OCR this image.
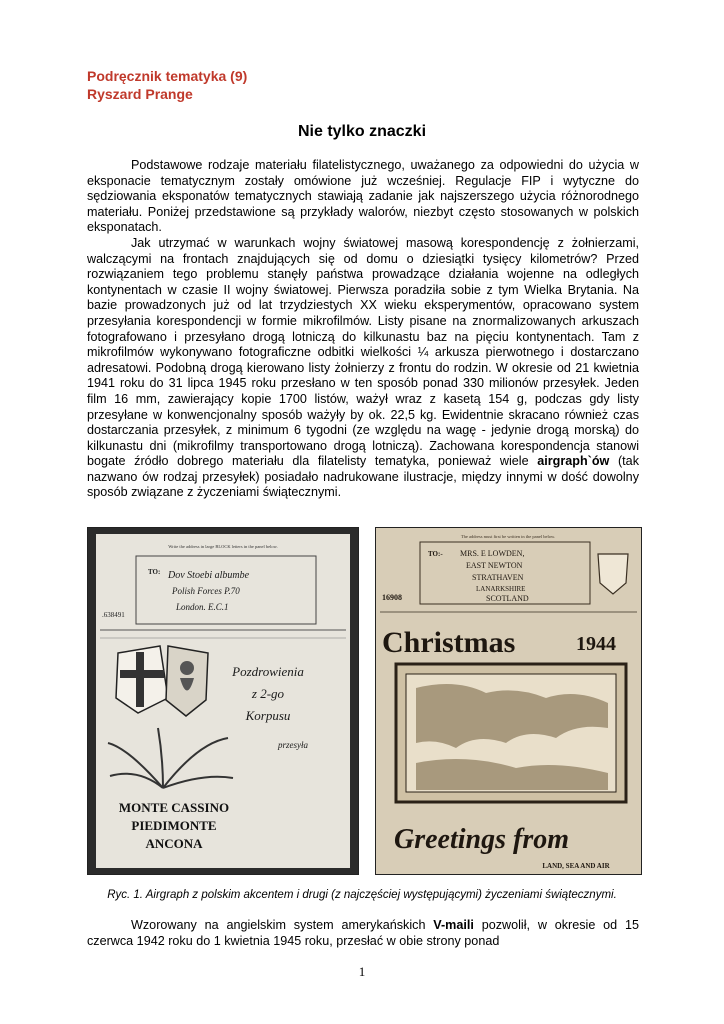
Podręcznik tematyka (9)
Ryszard Prange
Nie tylko znaczki

Podstawowe rodzaje materiału filatelistycznego, uważanego za odpowiedni do użycia w eksponacie tematycznym zostały omówione już wcześniej. Regulacje FIP i wytyczne do sędziowania eksponatów tematycznych stawiają zadanie jak najszerszego użycia różnorodnego materiału. Poniżej przedstawione są przykłady walorów, niezbyt często stosowanych w polskich eksponatach.

Jak utrzymać w warunkach wojny światowej masową korespondencję z żołnierzami, walczącymi na frontach znajdujących się od domu o dziesiątki tysięcy kilometrów? Przed rozwiązaniem tego problemu stanęły państwa prowadzące działania wojenne na odległych kontynentach w czasie II wojny światowej. Pierwsza poradziła sobie z tym Wielka Brytania. Na bazie prowadzonych już od lat trzydziestych XX wieku eksperymentów, opracowano system przesyłania korespondencji w formie mikrofilmów. Listy pisane na znormalizowanych arkuszach fotografowano i przesyłano drogą lotniczą do kilkunastu baz na pięciu kontynentach. Tam z mikrofilmów wykonywano fotograficzne odbitki wielkości ¼ arkusza pierwotnego i dostarczano adresatowi. Podobną drogą kierowano listy żołnierzy z frontu do rodzin. W okresie od 21 kwietnia 1941 roku do 31 lipca 1945 roku przesłano w ten sposób ponad 330 milionów przesyłek. Jeden film 16 mm, zawierający kopie 1700 listów, ważył wraz z kasetą 154 g, podczas gdy listy przesyłane w konwencjonalny sposób ważyły by ok. 22,5 kg. Ewidentnie skracano również czas dostarczania przesyłek, z minimum 6 tygodni (ze względu na wagę - jedynie drogą morską) do kilkunastu dni (mikrofilmy transportowano drogą lotniczą). Zachowana korespondencja stanowi bogate źródło dobrego materiału dla filatelisty tematyka, ponieważ wiele airgraph`ów (tak nazwano ów rodzaj przesyłek) posiadało nadrukowane ilustracje, między innymi w dość dowolny sposób związane z życzeniami świątecznymi.

Write the address in large BLOCK letters in the panel below.
TO: Dov Stoebi albumbe
Polish Forces P.70
London. E.C.1
.638491
Pozdrowienia
z 2-go
Korpusu
przesyła
MONTE CASSINO
PIEDIMONTE
ANCONA
The address must first be written in the panel below.
TO:- MRS. E LOWDEN,
EAST NEWTON
STRATHAVEN
LANARKSHIRE
SCOTLAND
16908
Christmas	1944
Greetings from
LAND, SEA AND AIR
Ryc. 1. Airgraph z polskim akcentem i drugi (z najczęściej występującymi) życzeniami świątecznymi.

Wzorowany na angielskim system amerykańskich V-maili pozwolił, w okresie od 15 czerwca 1942 roku do 1 kwietnia 1945 roku, przesłać w obie strony ponad

1
